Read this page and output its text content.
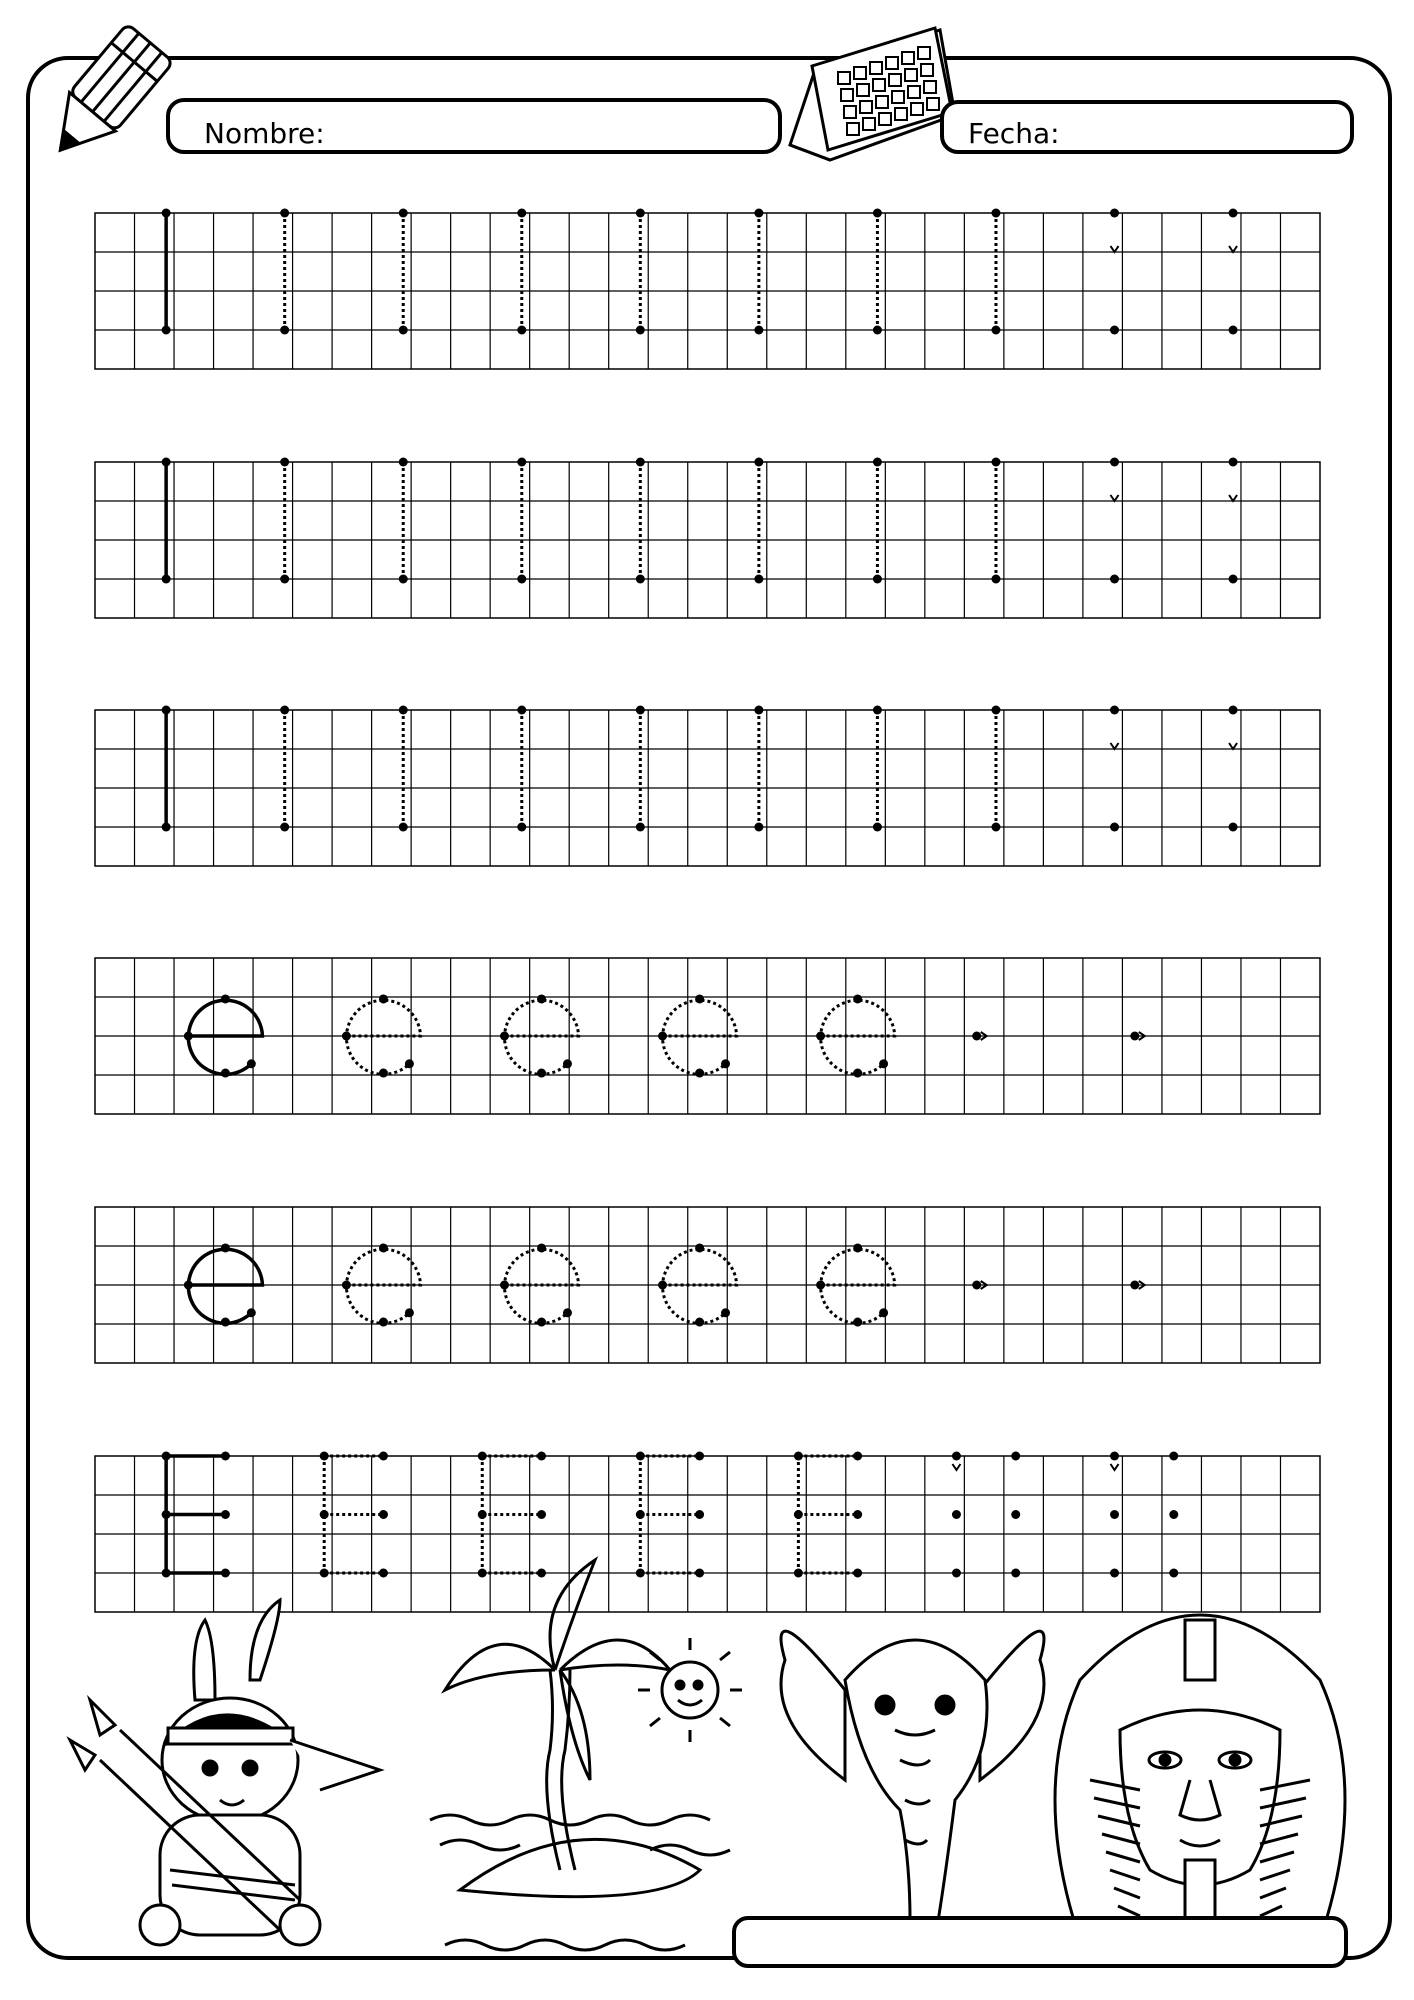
Nombre:	Fecha:
